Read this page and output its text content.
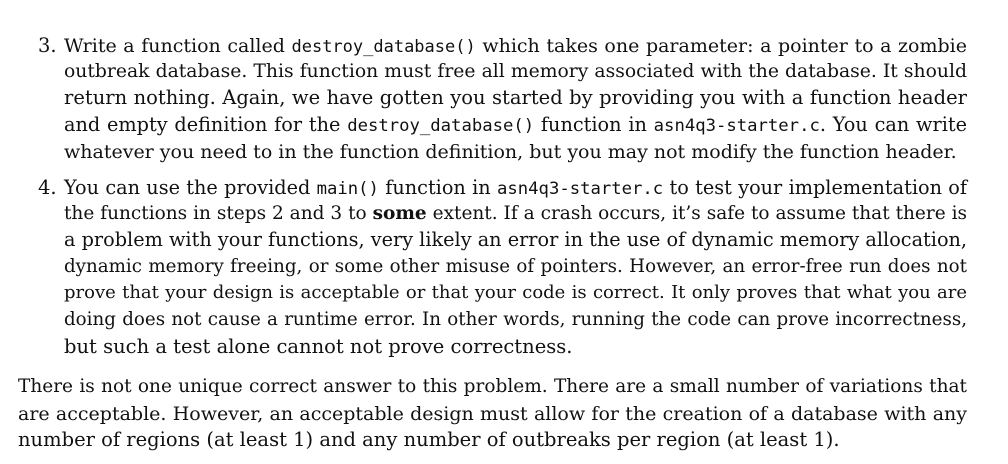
3. Write a function called destroy_database() which takes one parameter: a pointer to a zombie
outbreak database. This function must free all memory associated with the database. It should
return nothing. Again, we have gotten you started by providing you with a function header
and empty definition for the destroy_database() function in asn4q3-starter.c. You can write
whatever you need to in the function definition, but you may not modify the function header.
4. You can use the provided main() function in asn4q3-starter.c to test your implementation of
the functions in steps 2 and 3 to some extent. If a crash occurs, it’s safe to assume that there is
a problem with your functions, very likely an error in the use of dynamic memory allocation,
dynamic memory freeing, or some other misuse of pointers. However, an error-free run does not
prove that your design is acceptable or that your code is correct. It only proves that what you are
doing does not cause a runtime error. In other words, running the code can prove incorrectness,
but such a test alone cannot not prove correctness.
There is not one unique correct answer to this problem. There are a small number of variations that
are acceptable. However, an acceptable design must allow for the creation of a database with any
number of regions (at least 1) and any number of outbreaks per region (at least 1).
